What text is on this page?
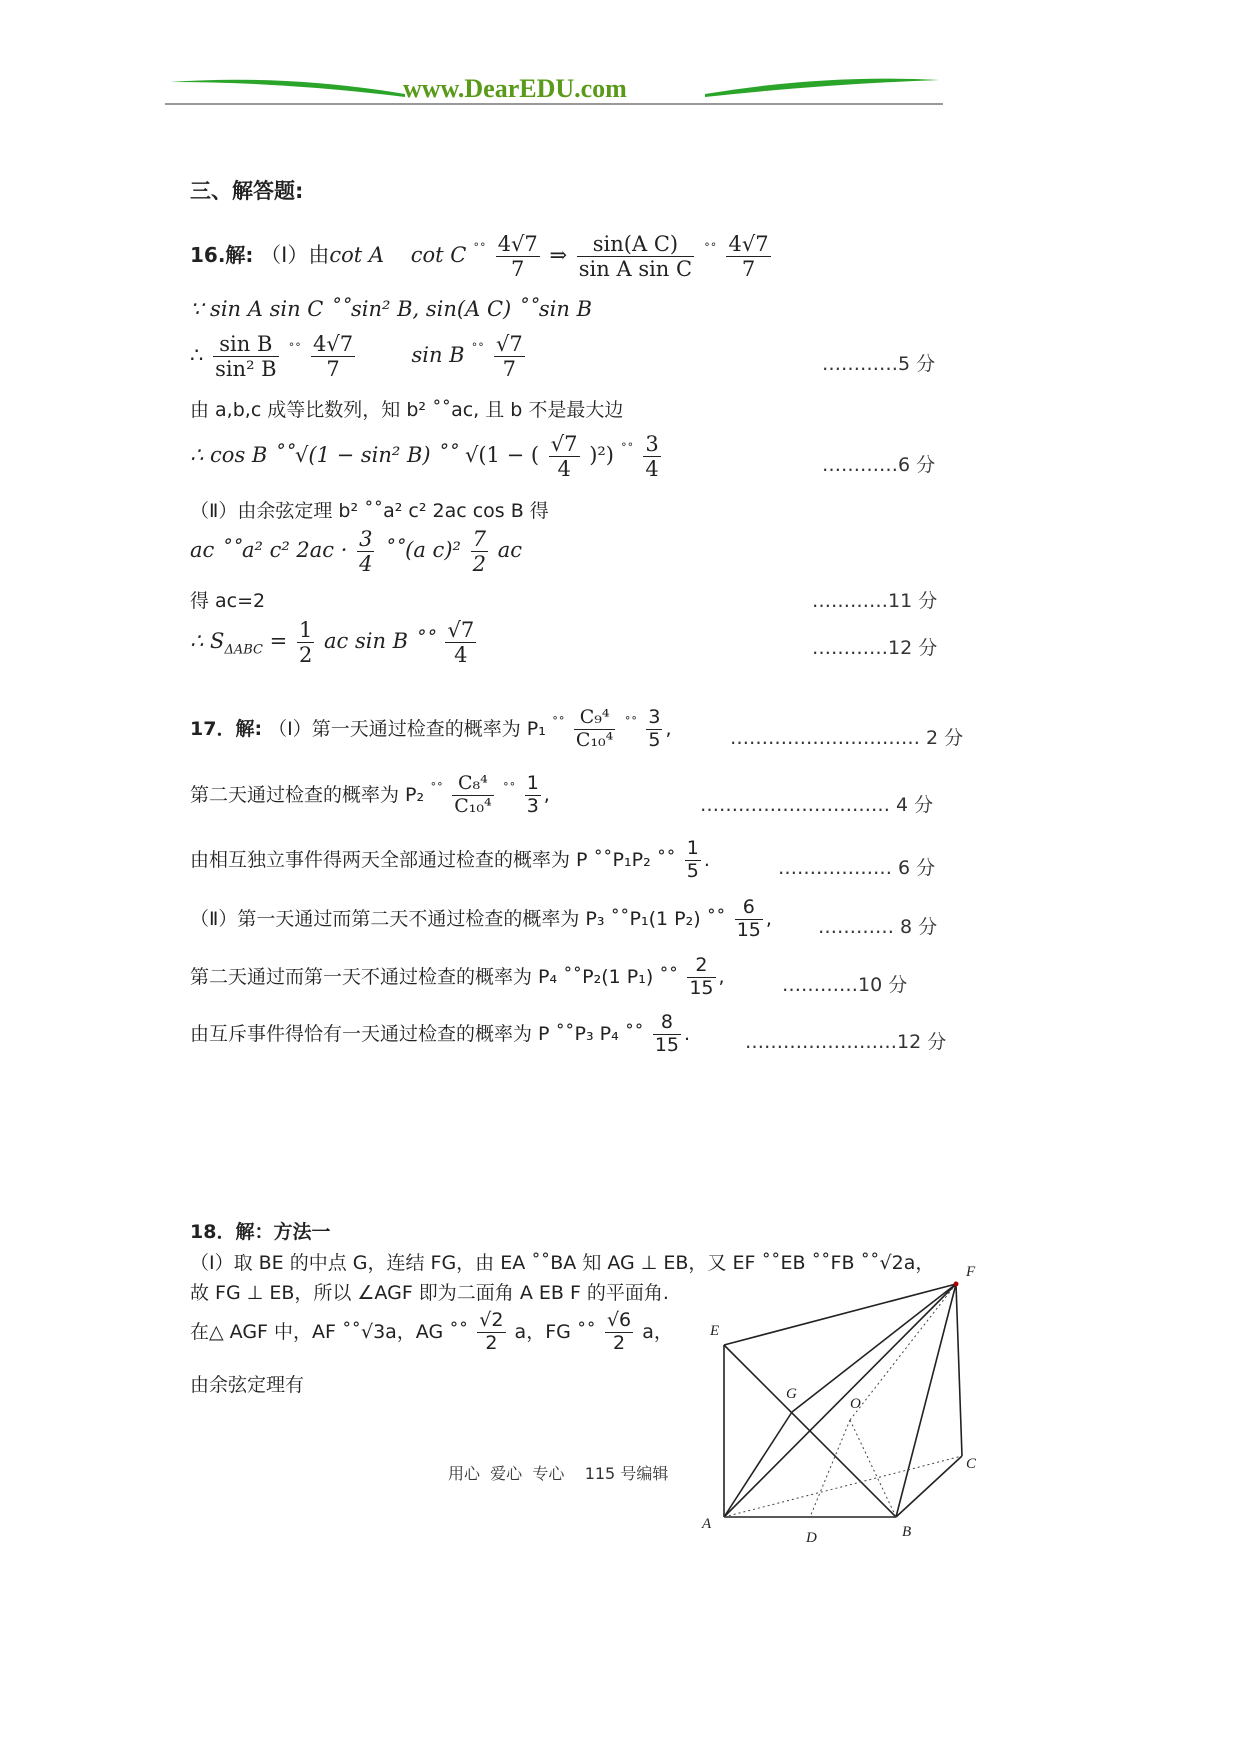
www.DearEDU.com
三、解答题:
16.解: （Ⅰ）由cot A cot C $^{˚˚} \frac{4√7}{7}$ ⇒ $\frac{\text{sin(A C)}}{\text{sin A sin C}} ^{˚˚} \frac{4√7}{7}$
∵ sin A sin C ˚˚sin² B, sin(A C) ˚˚sin B
∴ $\frac{\text{sin B}}{\text{sin² B}} ^{˚˚} \frac{4√7}{7}$	sin B $^{˚˚} \frac{√7}{7}$	…………5 分
由 a,b,c 成等比数列，知 b² ˚˚ac, 且 b 不是最大边
∴ cos B ˚˚√(1 − sin² B) ˚˚ √(1 − ( $\frac{√7}{4} )^2$) $^{˚˚} \frac{3}{4}$	…………6 分
（Ⅱ）由余弦定理 b² ˚˚a² c² 2ac cos B 得
ac ˚˚a² c² $2ac \cdot \frac{3}{4}$ ˚˚(a $c)^2 \frac{7}{2}$ ac
得 ac=2	…………11 分
∴ $S_{\Delta ABC} = \frac{1}{2}$ ac sin B ˚˚ $\frac{√7}{4}$	…………12 分
17．解: （Ⅰ）第一天通过检查的概率为 P₁ $^{˚˚} \frac{\text{C₉⁴}}{\text{C₁₀⁴}} ^{˚˚} \frac{3}{5}$ ,	………………………… 2 分
第二天通过检查的概率为 P₂ $^{˚˚} \frac{\text{C₈⁴}}{\text{C₁₀⁴}} ^{˚˚} \frac{1}{3}$ ,	………………………… 4 分
由相互独立事件得两天全部通过检查的概率为 P ˚˚P₁P₂ ˚˚ $\frac{1}{5}$ .	……………… 6 分
（Ⅱ）第一天通过而第二天不通过检查的概率为 P₃ ˚˚P₁(1 P₂) ˚˚ $\frac{6}{15}$ , ………… 8 分
第二天通过而第一天不通过检查的概率为 P₄ ˚˚P₂(1 P₁) ˚˚ $\frac{2}{15}$ ,	…………10 分
由互斥事件得恰有一天通过检查的概率为 P ˚˚P₃ P₄ ˚˚ $\frac{8}{15}$ .	……………………12 分
18．解：方法一
（Ⅰ）取 BE 的中点 G，连结 FG，由 EA ˚˚BA 知 AG ⊥ EB，又 EF ˚˚EB ˚˚FB ˚˚√2a，
故 FG ⊥ EB，所以 ∠AGF 即为二面角 A EB F 的平面角.
在△ AGF 中，AF ˚˚√3a，AG ˚˚ $\frac{√2}{2}$ a，FG ˚˚ $\frac{√6}{2}$ a，
由余弦定理有
F
E
G
O
C
A
D	B
用心  爱心  专心    115 号编辑
